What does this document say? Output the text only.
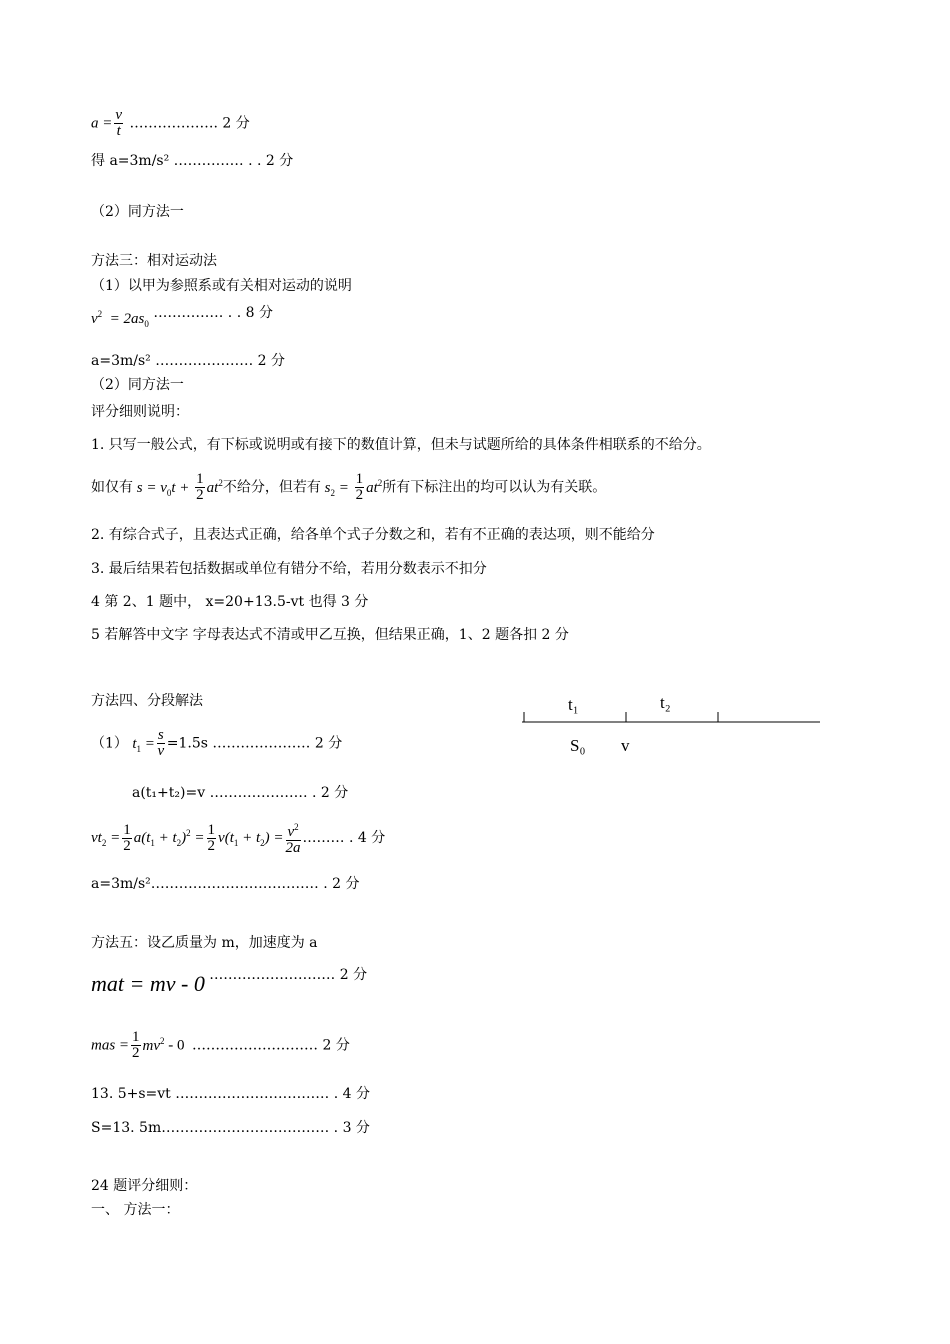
$a = \frac{v}{t}$ ………………. 2 分
得 a=3m/s² …………… . . 2 分
（2）同方法一
方法三：相对运动法
（1）以甲为参照系或有关相对运动的说明
$v^2 = 2as_0$ …………… . . 8 分
a=3m/s² ………………… 2 分
（2）同方法一
评分细则说明：
1. 只写一般公式，有下标或说明或有接下的数值计算，但未与试题所给的具体条件相联系的不给分。
如仅有 $s = v_0t + \frac{1}{2} at^2$不给分，但若有 $s_2 = \frac{1}{2} at^2$所有下标注出的均可以认为有关联。
2. 有综合式子，且表达式正确，给各单个式子分数之和，若有不正确的表达项，则不能给分
3. 最后结果若包括数据或单位有错分不给，若用分数表示不扣分
4 第 2、1 题中， x=20+13.5-vt 也得 3 分
5 若解答中文字 字母表达式不清或甲乙互换，但结果正确，1、2 题各扣 2 分
方法四、分段解法
（1） $t_1 = \frac{s}{v} =1.5s$ ………………… 2 分
a(t₁+t₂)=v ………………… . 2 分
$vt_2 = \frac{1}{2} a(t_1 + t_2)^2 = \frac{1}{2} v(t_1 + t_2) = \frac{v^2}{2a}$ ……… . 4 分
a=3m/s²……………………………… . 2 分
方法五：设乙质量为 m，加速度为 a
mat = mv - 0 ……………………… 2 分
mas = $\frac{1}{2} mv^2 - 0$  ……………………… 2 分
13. 5+s=vt …………………………… . 4 分
S=13. 5m……………………………… . 3 分
24 题评分细则：
一、 方法一：
t₁	t₂
S₀ v
